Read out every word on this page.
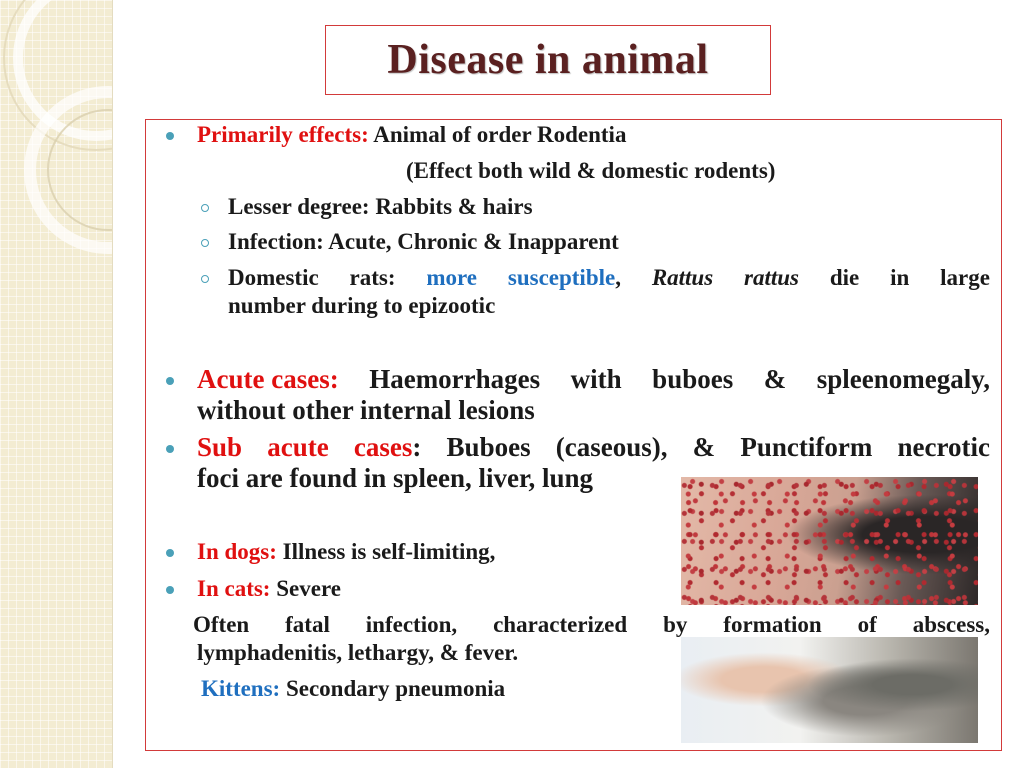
Disease in animal
Primarily effects: Animal of order Rodentia
(Effect both wild & domestic rodents)
Lesser degree: Rabbits & hairs
Infection: Acute, Chronic & Inapparent
Domestic rats: more susceptible, Rattus rattus die in large
number during to epizootic
Acute cases: Haemorrhages with buboes & spleenomegaly,
without other internal lesions
Sub acute cases: Buboes (caseous), & Punctiform necrotic
foci are found in spleen, liver, lung
In dogs: Illness is self-limiting,
In cats: Severe
Often fatal infection, characterized by formation of abscess,
lymphadenitis, lethargy, & fever.
Kittens: Secondary pneumonia
